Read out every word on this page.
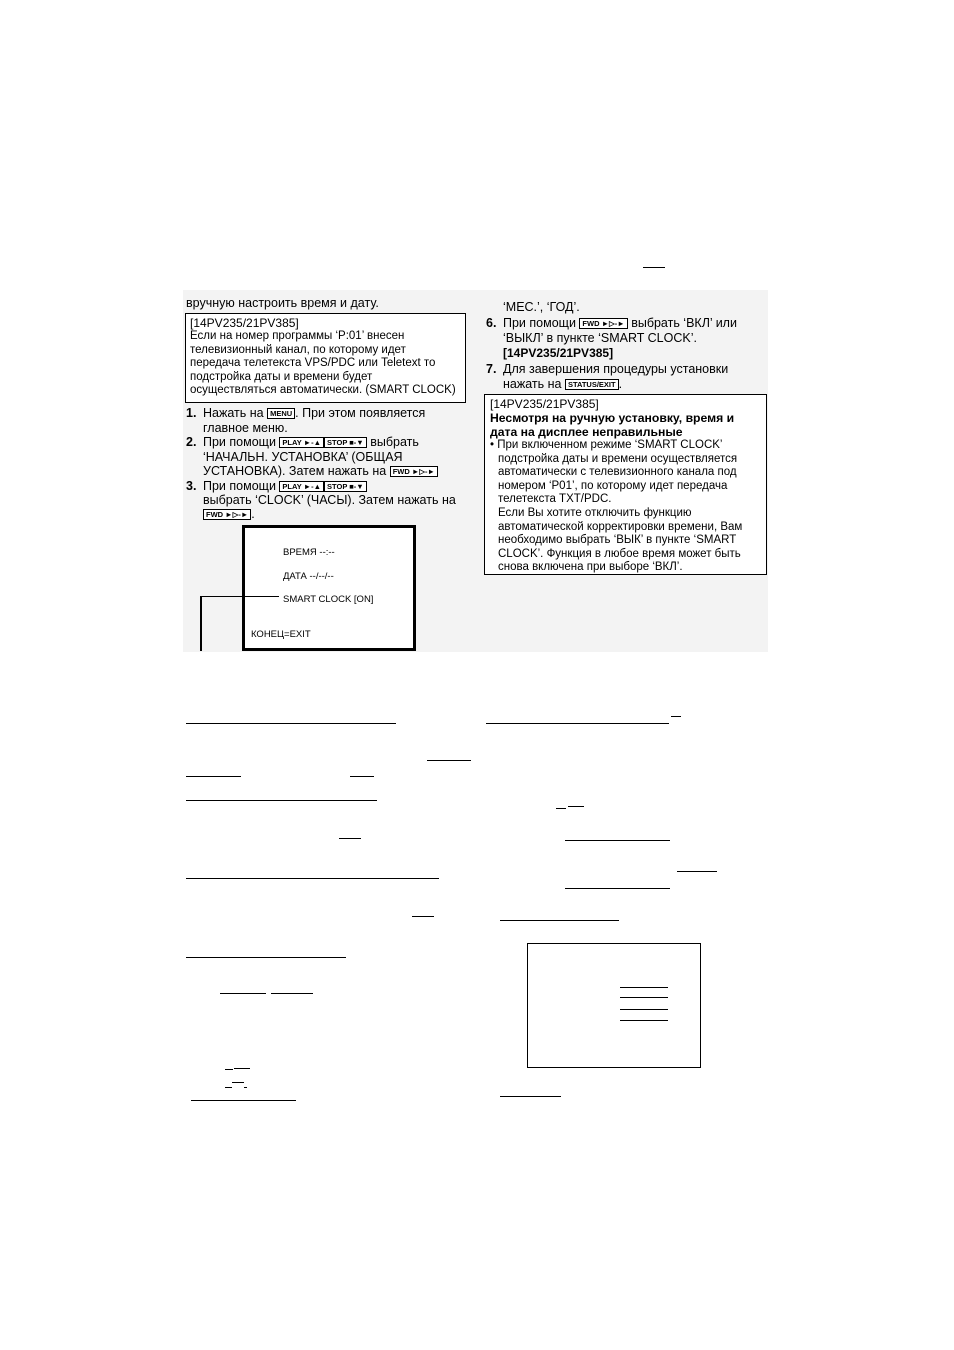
вручную настроить время и дату.
[14PV235/21PV385]
Если на номер программы ‘P:01’ внесен
телевизионный канал, по которому идет
передача телетекста VPS/PDC или Teletext то
подстройка даты и времени будет
осуществляться автоматически. (SMART CLOCK)
1. Нажать на MENU . При этом появляется
главное меню.
2. При помощи PLAY ►-▲ STOP ■-▼ выбрать
‘НАЧАЛЬН. УСТАНОВКА’ (ОБЩАЯ
УСТАНОВКА). Затем нажать на FWD ►▷-►
3. При помощи PLAY ►-▲ STOP ■-▼
выбрать ‘CLOCK’ (ЧАСЫ). Затем нажать на
FWD ►▷-► .
ВРЕМЯ --:--
ДАТА --/--/--
SMART CLOCK [ON]
КОНЕЦ=EXIT
‘МЕС.’, ‘ГОД’.
6. При помощи FWD ►▷-► выбрать ‘ВКЛ’ или
‘ВЫКЛ’ в пункте ‘SMART CLOCK’.
[14PV235/21PV385]
7. Для завершения процедуры установки
нажать на STATUS/EXIT .
[14PV235/21PV385]
Несмотря на ручную установку, время и
дата на дисплее неправильные
• При включенном режиме ‘SMART CLOCK’
подстройка даты и времени осуществляется
автоматически с телевизионного канала под
номером ‘P01’, по которому идет передача
телетекста TXT/PDC.
Если Вы хотите отключить функцию
автоматической корректировки времени, Вам
необходимо выбрать ‘ВЫК’ в пункте ‘SMART
CLOCK’. Функция в любое время может быть
снова включена при выборе ‘ВКЛ’.
